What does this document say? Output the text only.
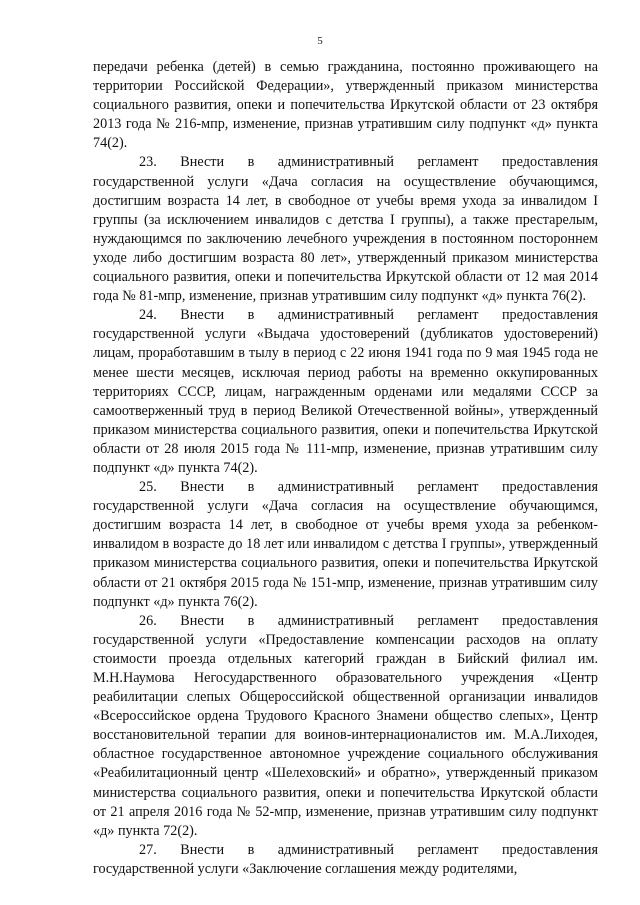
5

передачи ребенка (детей) в семью гражданина, постоянно проживающего на территории Российской Федерации», утвержденный приказом министерства социального развития, опеки и попечительства Иркутской области от 23 октября 2013 года № 216-мпр, изменение, признав утратившим силу подпункт «д» пункта 74(2).

23. Внести в административный регламент предоставления государственной услуги «Дача согласия на осуществление обучающимся, достигшим возраста 14 лет, в свободное от учебы время ухода за инвалидом I группы (за исключением инвалидов с детства I группы), а также престарелым, нуждающимся по заключению лечебного учреждения в постоянном постороннем уходе либо достигшим возраста 80 лет», утвержденный приказом министерства социального развития, опеки и попечительства Иркутской области от 12 мая 2014 года № 81-мпр, изменение, признав утратившим силу подпункт «д» пункта 76(2).

24. Внести в административный регламент предоставления государственной услуги «Выдача удостоверений (дубликатов удостоверений) лицам, проработавшим в тылу в период с 22 июня 1941 года по 9 мая 1945 года не менее шести месяцев, исключая период работы на временно оккупированных территориях СССР, лицам, награжденным орденами или медалями СССР за самоотверженный труд в период Великой Отечественной войны», утвержденный приказом министерства социального развития, опеки и попечительства Иркутской области от 28 июля 2015 года № 111-мпр, изменение, признав утратившим силу подпункт «д» пункта 74(2).

25. Внести в административный регламент предоставления государственной услуги «Дача согласия на осуществление обучающимся, достигшим возраста 14 лет, в свободное от учебы время ухода за ребенком-инвалидом в возрасте до 18 лет или инвалидом с детства I группы», утвержденный приказом министерства социального развития, опеки и попечительства Иркутской области от 21 октября 2015 года № 151-мпр, изменение, признав утратившим силу подпункт «д» пункта 76(2).

26. Внести в административный регламент предоставления государственной услуги «Предоставление компенсации расходов на оплату стоимости проезда отдельных категорий граждан в Бийский филиал им. М.Н.Наумова Негосударственного образовательного учреждения «Центр реабилитации слепых Общероссийской общественной организации инвалидов «Всероссийское ордена Трудового Красного Знамени общество слепых», Центр восстановительной терапии для воинов-интернационалистов им. М.А.Лиходея, областное государственное автономное учреждение социального обслуживания «Реабилитационный центр «Шелеховский» и обратно», утвержденный приказом министерства социального развития, опеки и попечительства Иркутской области от 21 апреля 2016 года № 52-мпр, изменение, признав утратившим силу подпункт «д» пункта 72(2).

27. Внести в административный регламент предоставления государственной услуги «Заключение соглашения между родителями,
